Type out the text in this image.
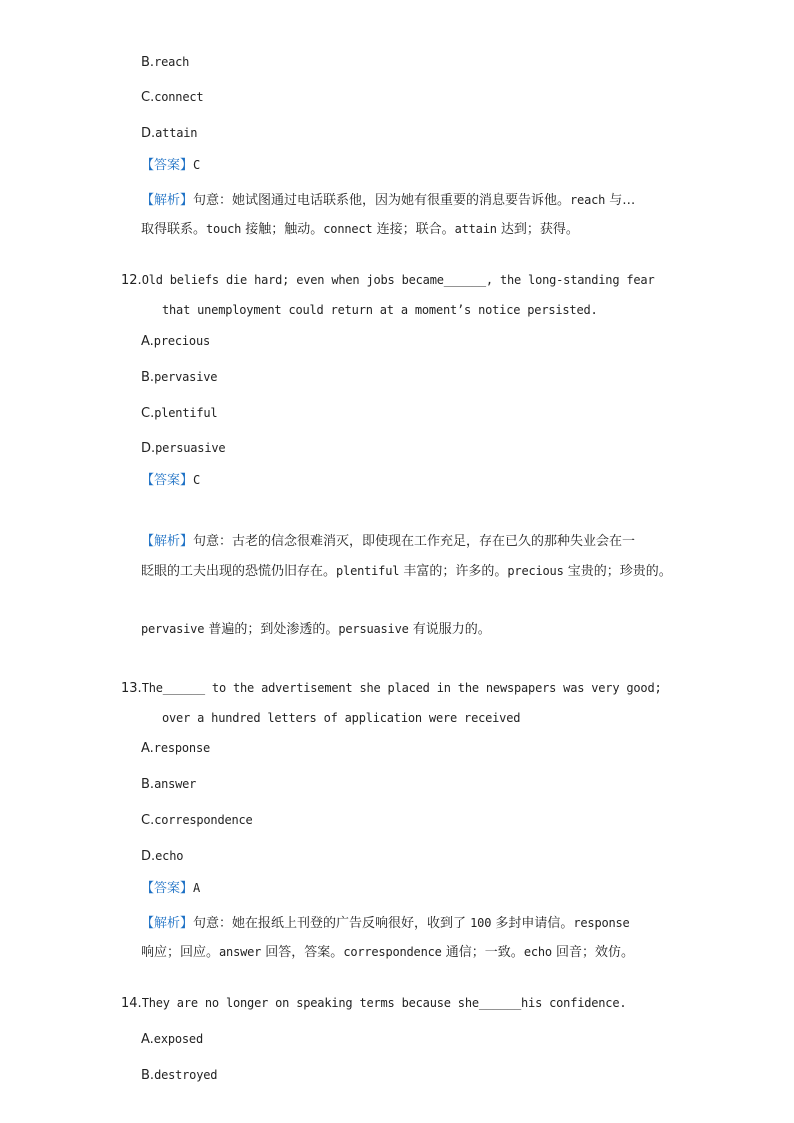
B.reach
C.connect
D.attain
【答案】C
【解析】句意：她试图通过电话联系他，因为她有很重要的消息要告诉他。reach 与…
取得联系。touch 接触；触动。connect 连接；联合。attain 达到；获得。
12.Old beliefs die hard; even when jobs became______, the long-standing fear
that unemployment could return at a moment’s notice persisted.
A.precious
B.pervasive
C.plentiful
D.persuasive
【答案】C
【解析】句意：古老的信念很难消灭，即使现在工作充足，存在已久的那种失业会在一
眨眼的工夫出现的恐慌仍旧存在。plentiful 丰富的；许多的。precious 宝贵的；珍贵的。
pervasive 普遍的；到处渗透的。persuasive 有说服力的。
13.The______ to the advertisement she placed in the newspapers was very good;
over a hundred letters of application were received
A.response
B.answer
C.correspondence
D.echo
【答案】A
【解析】句意：她在报纸上刊登的广告反响很好，收到了 100 多封申请信。response
响应；回应。answer 回答，答案。correspondence 通信；一致。echo 回音；效仿。
14.They are no longer on speaking terms because she______his confidence.
A.exposed
B.destroyed
